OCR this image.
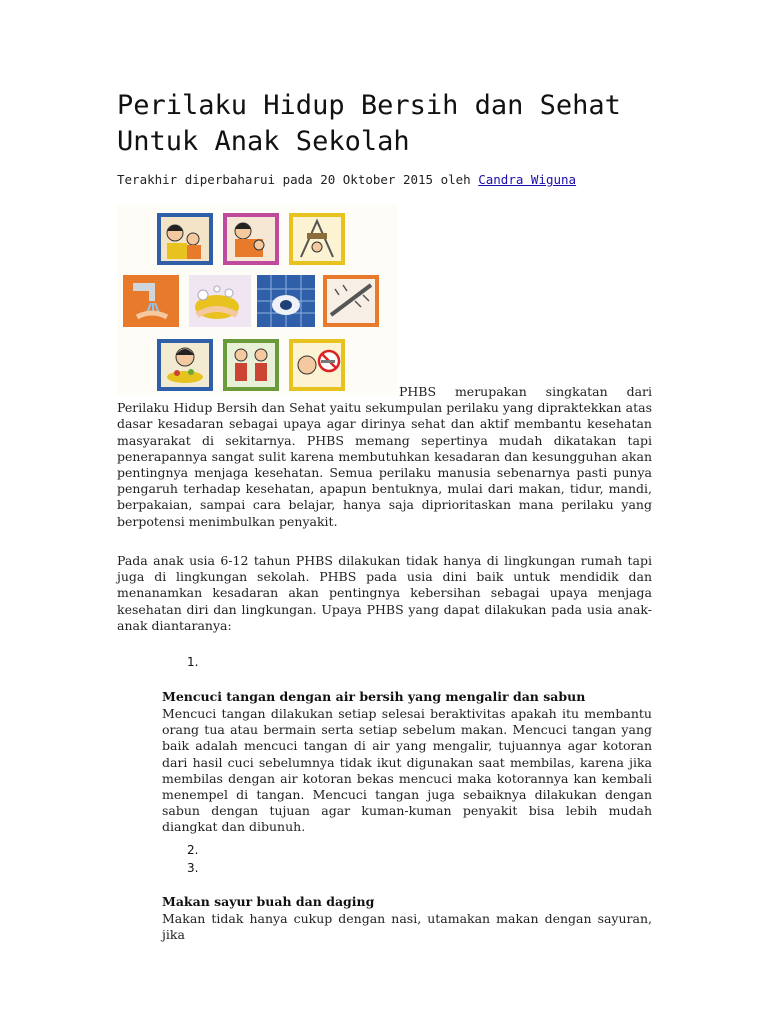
Perilaku Hidup Bersih dan Sehat Untuk Anak Sekolah
Terakhir diperbaharui pada 20 Oktober 2015 oleh Candra Wiguna

PHBS merupakan singkatan dari Perilaku Hidup Bersih dan Sehat yaitu sekumpulan perilaku yang dipraktekkan atas dasar kesadaran sebagai upaya agar dirinya sehat dan aktif membantu kesehatan masyarakat di sekitarnya. PHBS memang sepertinya mudah dikatakan tapi penerapannya sangat sulit karena membutuhkan kesadaran dan kesungguhan akan pentingnya menjaga kesehatan. Semua perilaku manusia sebenarnya pasti punya pengaruh terhadap kesehatan, apapun bentuknya, mulai dari makan, tidur, mandi, berpakaian, sampai cara belajar, hanya saja diprioritaskan mana perilaku yang berpotensi menimbulkan penyakit.

Pada anak usia 6-12 tahun PHBS dilakukan tidak hanya di lingkungan rumah tapi juga di lingkungan sekolah. PHBS pada usia dini baik untuk mendidik dan menanamkan kesadaran akan pentingnya kebersihan sebagai upaya menjaga kesehatan diri dan lingkungan. Upaya PHBS yang dapat dilakukan pada usia anak-anak diantaranya:

1.

Mencuci tangan dengan air bersih yang mengalir dan sabun

Mencuci tangan dilakukan setiap selesai beraktivitas apakah itu membantu orang tua atau bermain serta setiap sebelum makan. Mencuci tangan yang baik adalah mencuci tangan di air yang mengalir, tujuannya agar kotoran dari hasil cuci sebelumnya tidak ikut digunakan saat membilas, karena jika membilas dengan air kotoran bekas mencuci maka kotorannya kan kembali menempel di tangan. Mencuci tangan juga sebaiknya dilakukan dengan sabun dengan tujuan agar kuman-kuman penyakit bisa lebih mudah diangkat dan dibunuh.

2.
3.

Makan sayur buah dan daging

Makan tidak hanya cukup dengan nasi, utamakan makan dengan sayuran, jika
